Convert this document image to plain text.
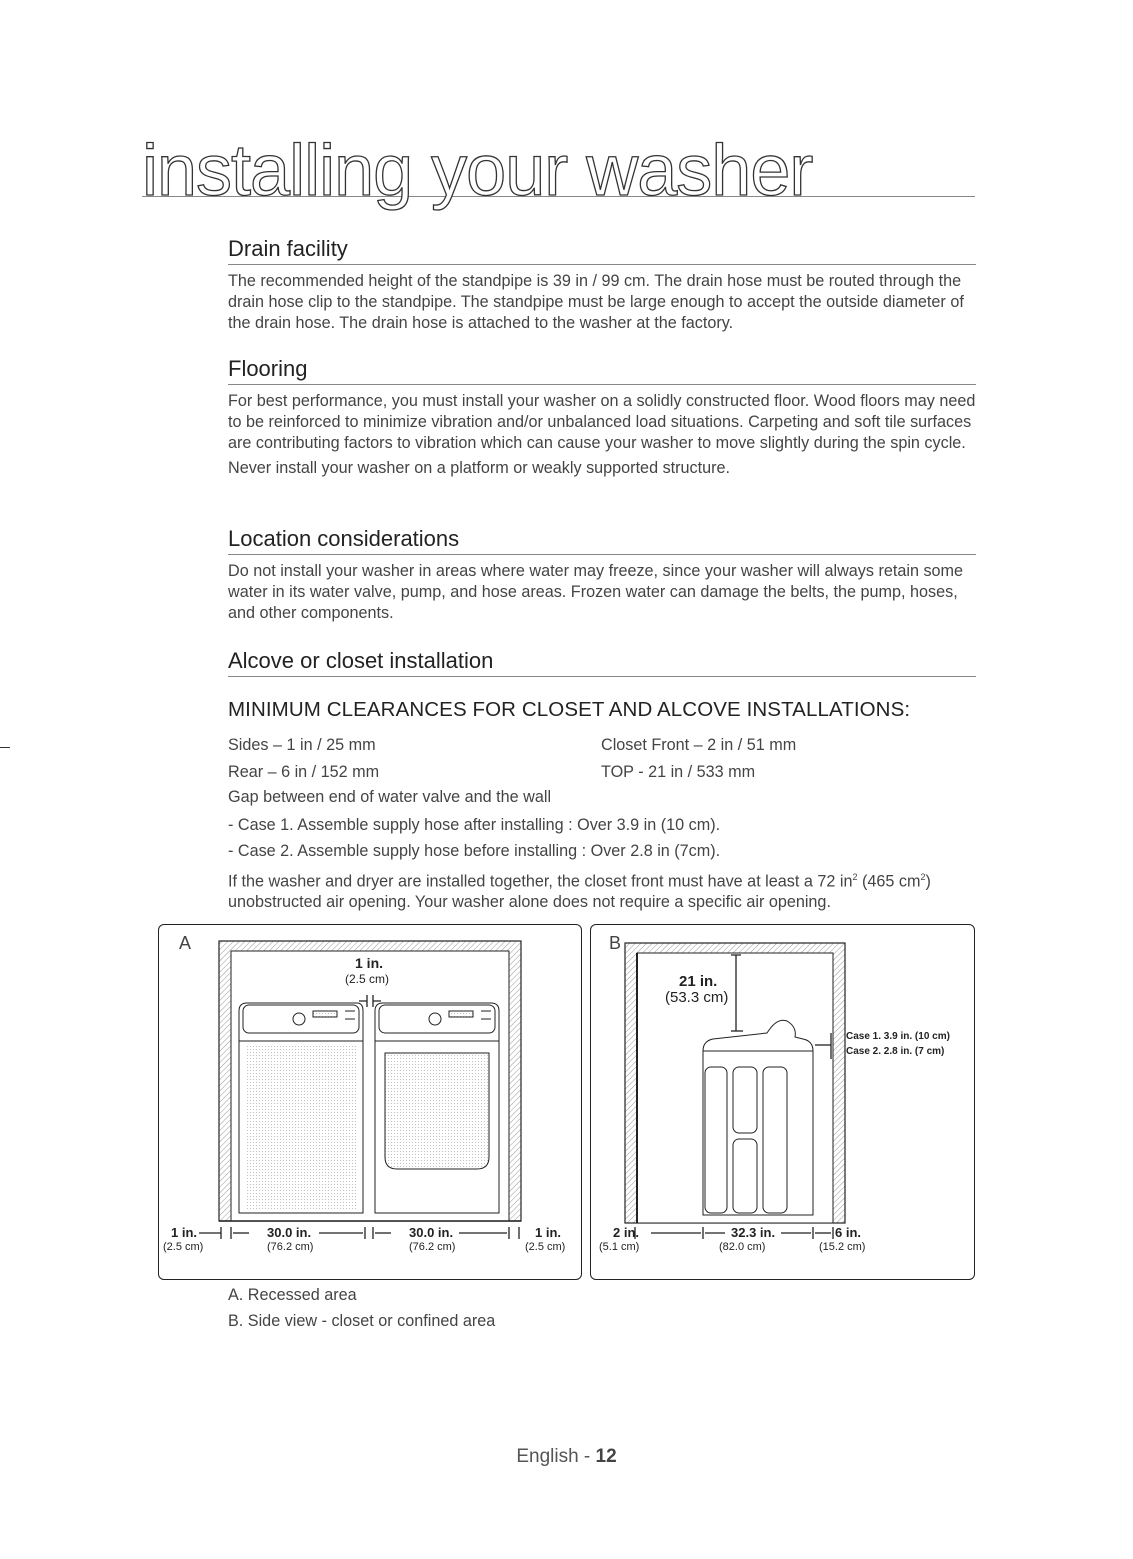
installing your washer
Drain facility

The recommended height of the standpipe is 39 in / 99 cm. The drain hose must be routed through the drain hose clip to the standpipe. The standpipe must be large enough to accept the outside diameter of the drain hose. The drain hose is attached to the washer at the factory.

Flooring

For best performance, you must install your washer on a solidly constructed floor. Wood floors may need to be reinforced to minimize vibration and/or unbalanced load situations. Carpeting and soft tile surfaces are contributing factors to vibration which can cause your washer to move slightly during the spin cycle.

Never install your washer on a platform or weakly supported structure.

Location considerations

Do not install your washer in areas where water may freeze, since your washer will always retain some water in its water valve, pump, and hose areas. Frozen water can damage the belts, the pump, hoses, and other components.

Alcove or closet installation
MINIMUM CLEARANCES FOR CLOSET AND ALCOVE INSTALLATIONS:
Sides – 1 in / 25 mm	Closet Front – 2 in / 51 mm
Rear – 6 in / 152 mm	TOP - 21 in / 533 mm
Gap between end of water valve and the wall
- Case 1. Assemble supply hose after installing : Over 3.9 in (10 cm).
- Case 2. Assemble supply hose before installing : Over 2.8 in (7cm).
If the washer and dryer are installed together, the closet front must have at least a 72 $in^2$ (465 $cm^2$)
unobstructed air opening. Your washer alone does not require a specific air opening.
A
1 in.
(2.5 cm)
1 in.
(2.5 cm)
30.0 in.
(76.2 cm)
30.0 in.
(76.2 cm)
1 in.
(2.5 cm)
B
21 in.
(53.3 cm)
Case 1. 3.9 in. (10 cm)
Case 2. 2.8 in. (7 cm)
2 in.
(5.1 cm)
32.3 in.
(82.0 cm)
6 in.
(15.2 cm)
A. Recessed area
B. Side view - closet or confined area
English - 12
